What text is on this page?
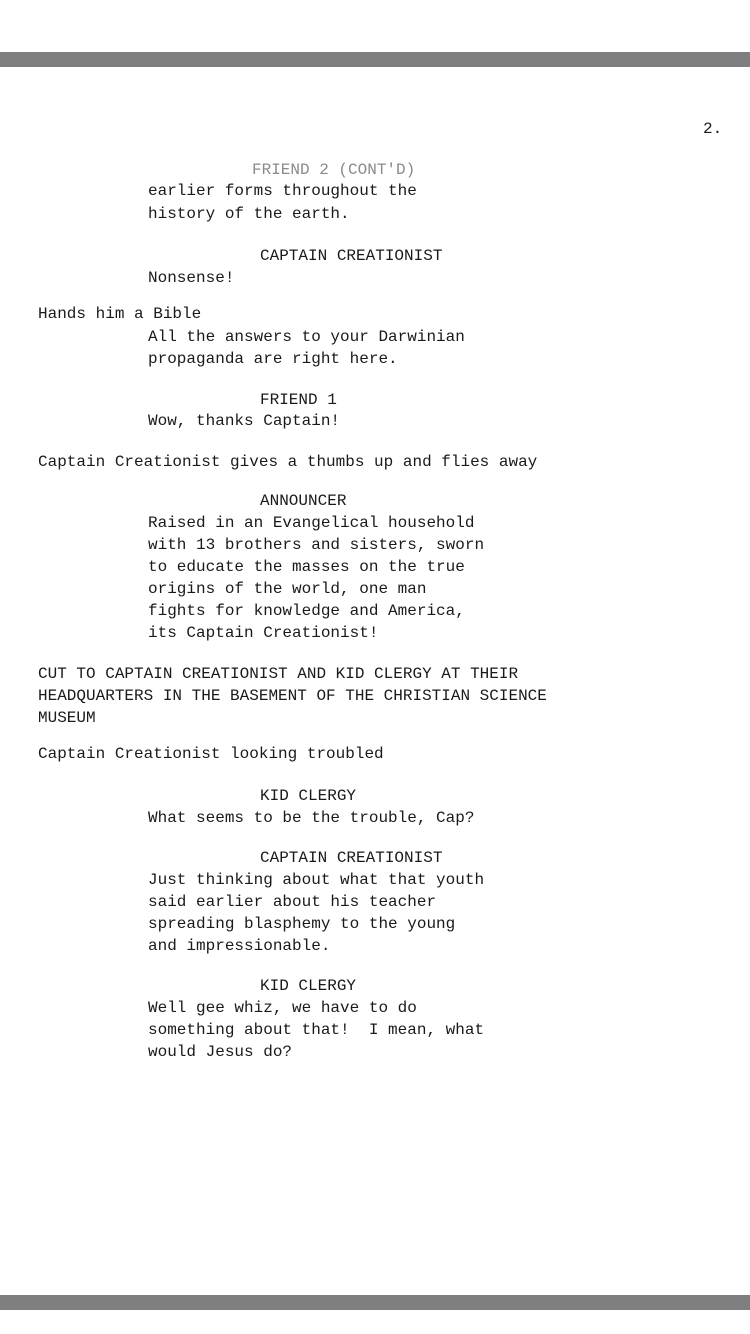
2.
FRIEND 2 (CONT'D)
earlier forms throughout the
history of the earth.
CAPTAIN CREATIONIST
Nonsense!
Hands him a Bible
All the answers to your Darwinian
propaganda are right here.
FRIEND 1
Wow, thanks Captain!
Captain Creationist gives a thumbs up and flies away
ANNOUNCER
Raised in an Evangelical household
with 13 brothers and sisters, sworn
to educate the masses on the true
origins of the world, one man
fights for knowledge and America,
its Captain Creationist!
CUT TO CAPTAIN CREATIONIST AND KID CLERGY AT THEIR
HEADQUARTERS IN THE BASEMENT OF THE CHRISTIAN SCIENCE
MUSEUM
Captain Creationist looking troubled
KID CLERGY
What seems to be the trouble, Cap?
CAPTAIN CREATIONIST
Just thinking about what that youth
said earlier about his teacher
spreading blasphemy to the young
and impressionable.
KID CLERGY
Well gee whiz, we have to do
something about that!  I mean, what
would Jesus do?
